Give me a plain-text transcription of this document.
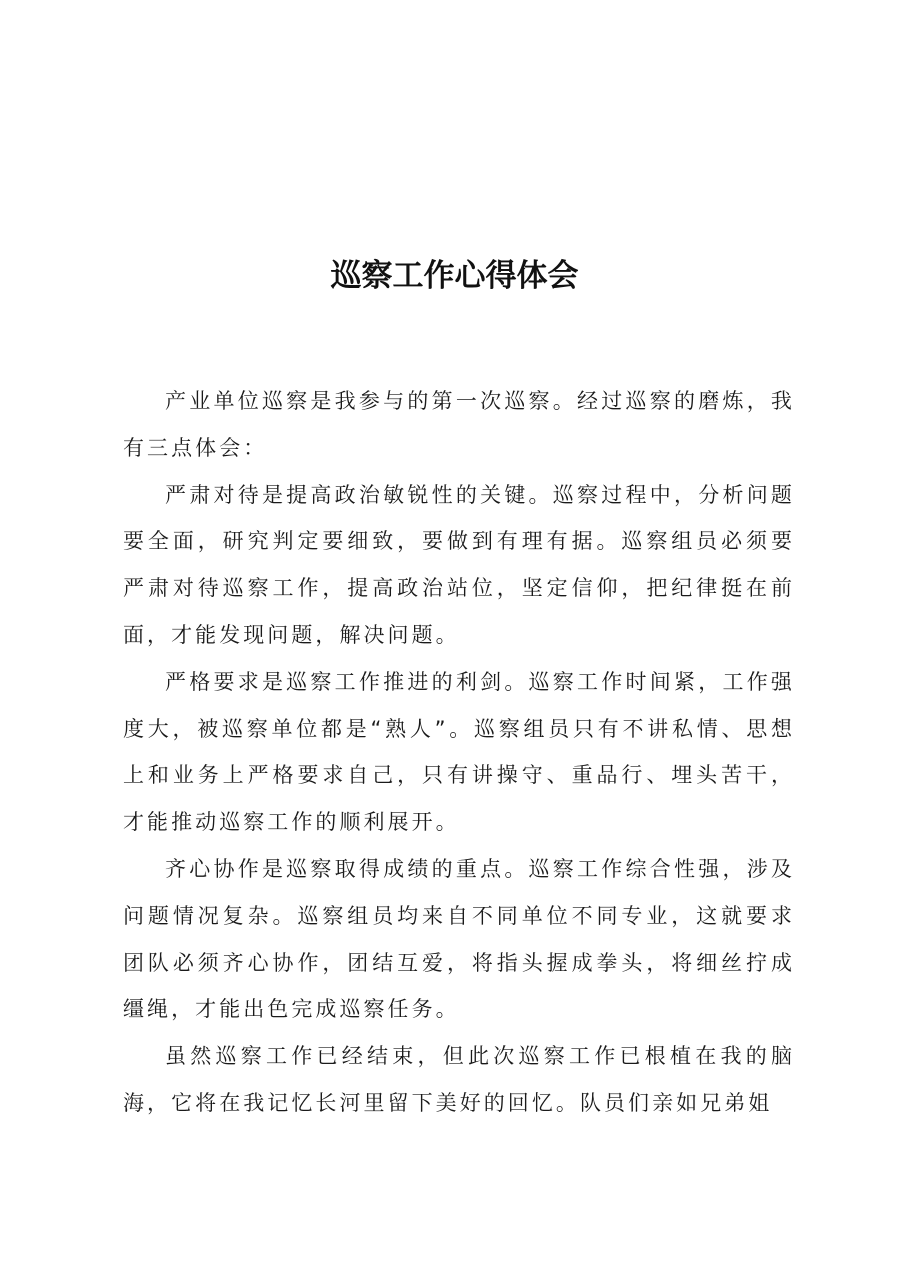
巡察工作心得体会

产业单位巡察是我参与的第一次巡察。经过巡察的磨炼，我有三点体会：

严肃对待是提高政治敏锐性的关键。巡察过程中，分析问题要全面，研究判定要细致，要做到有理有据。巡察组员必须要严肃对待巡察工作，提高政治站位，坚定信仰，把纪律挺在前面，才能发现问题，解决问题。

严格要求是巡察工作推进的利剑。巡察工作时间紧，工作强度大，被巡察单位都是“熟人”。巡察组员只有不讲私情、思想上和业务上严格要求自己，只有讲操守、重品行、埋头苦干，才能推动巡察工作的顺利展开。

齐心协作是巡察取得成绩的重点。巡察工作综合性强，涉及问题情况复杂。巡察组员均来自不同单位不同专业，这就要求团队必须齐心协作，团结互爱，将指头握成拳头，将细丝拧成缰绳，才能出色完成巡察任务。

虽然巡察工作已经结束，但此次巡察工作已根植在我的脑海，它将在我记忆长河里留下美好的回忆。队员们亲如兄弟姐
